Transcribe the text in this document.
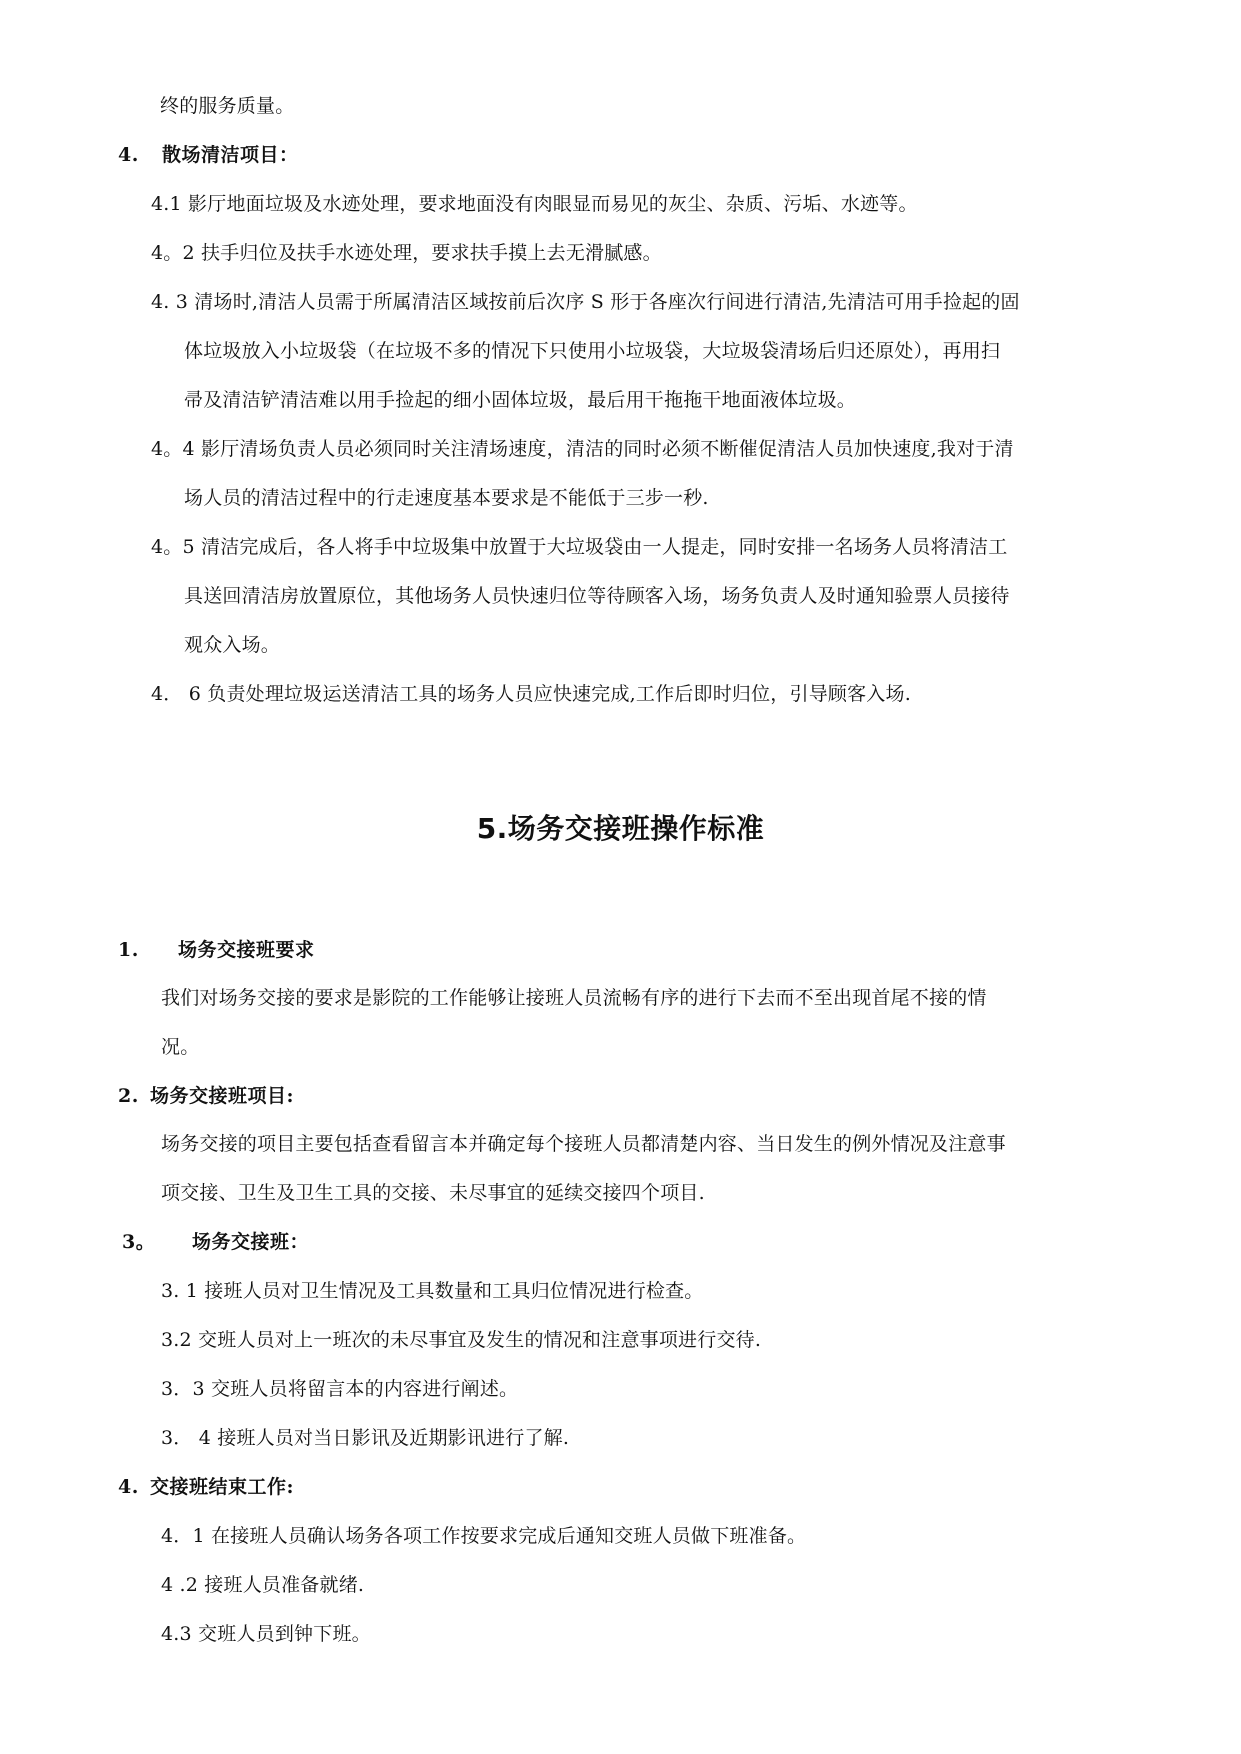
终的服务质量。
4. 散场清洁项目：
4.1 影厅地面垃圾及水迹处理，要求地面没有肉眼显而易见的灰尘、杂质、污垢、水迹等。
4。2 扶手归位及扶手水迹处理，要求扶手摸上去无滑腻感。
4. 3 清场时,清洁人员需于所属清洁区域按前后次序 S 形于各座次行间进行清洁,先清洁可用手捡起的固
体垃圾放入小垃圾袋（在垃圾不多的情况下只使用小垃圾袋，大垃圾袋清场后归还原处），再用扫
帚及清洁铲清洁难以用手捡起的细小固体垃圾，最后用干拖拖干地面液体垃圾。
4。4 影厅清场负责人员必须同时关注清场速度，清洁的同时必须不断催促清洁人员加快速度,我对于清
场人员的清洁过程中的行走速度基本要求是不能低于三步一秒.
4。5 清洁完成后，各人将手中垃圾集中放置于大垃圾袋由一人提走，同时安排一名场务人员将清洁工
具送回清洁房放置原位，其他场务人员快速归位等待顾客入场，场务负责人及时通知验票人员接待
观众入场。
4． 6 负责处理垃圾运送清洁工具的场务人员应快速完成,工作后即时归位，引导顾客入场.
5.场务交接班操作标准
1. 场务交接班要求
我们对场务交接的要求是影院的工作能够让接班人员流畅有序的进行下去而不至出现首尾不接的情
况。
2. 场务交接班项目:
场务交接的项目主要包括查看留言本并确定每个接班人员都清楚内容、当日发生的例外情况及注意事
项交接、卫生及卫生工具的交接、未尽事宜的延续交接四个项目.
3。 场务交接班：
3. 1 接班人员对卫生情况及工具数量和工具归位情况进行检查。
3.2 交班人员对上一班次的未尽事宜及发生的情况和注意事项进行交待.
3．3 交班人员将留言本的内容进行阐述。
3． 4 接班人员对当日影讯及近期影讯进行了解.
4. 交接班结束工作:
4．1 在接班人员确认场务各项工作按要求完成后通知交班人员做下班准备。
4 .2 接班人员准备就绪.
4.3 交班人员到钟下班。
